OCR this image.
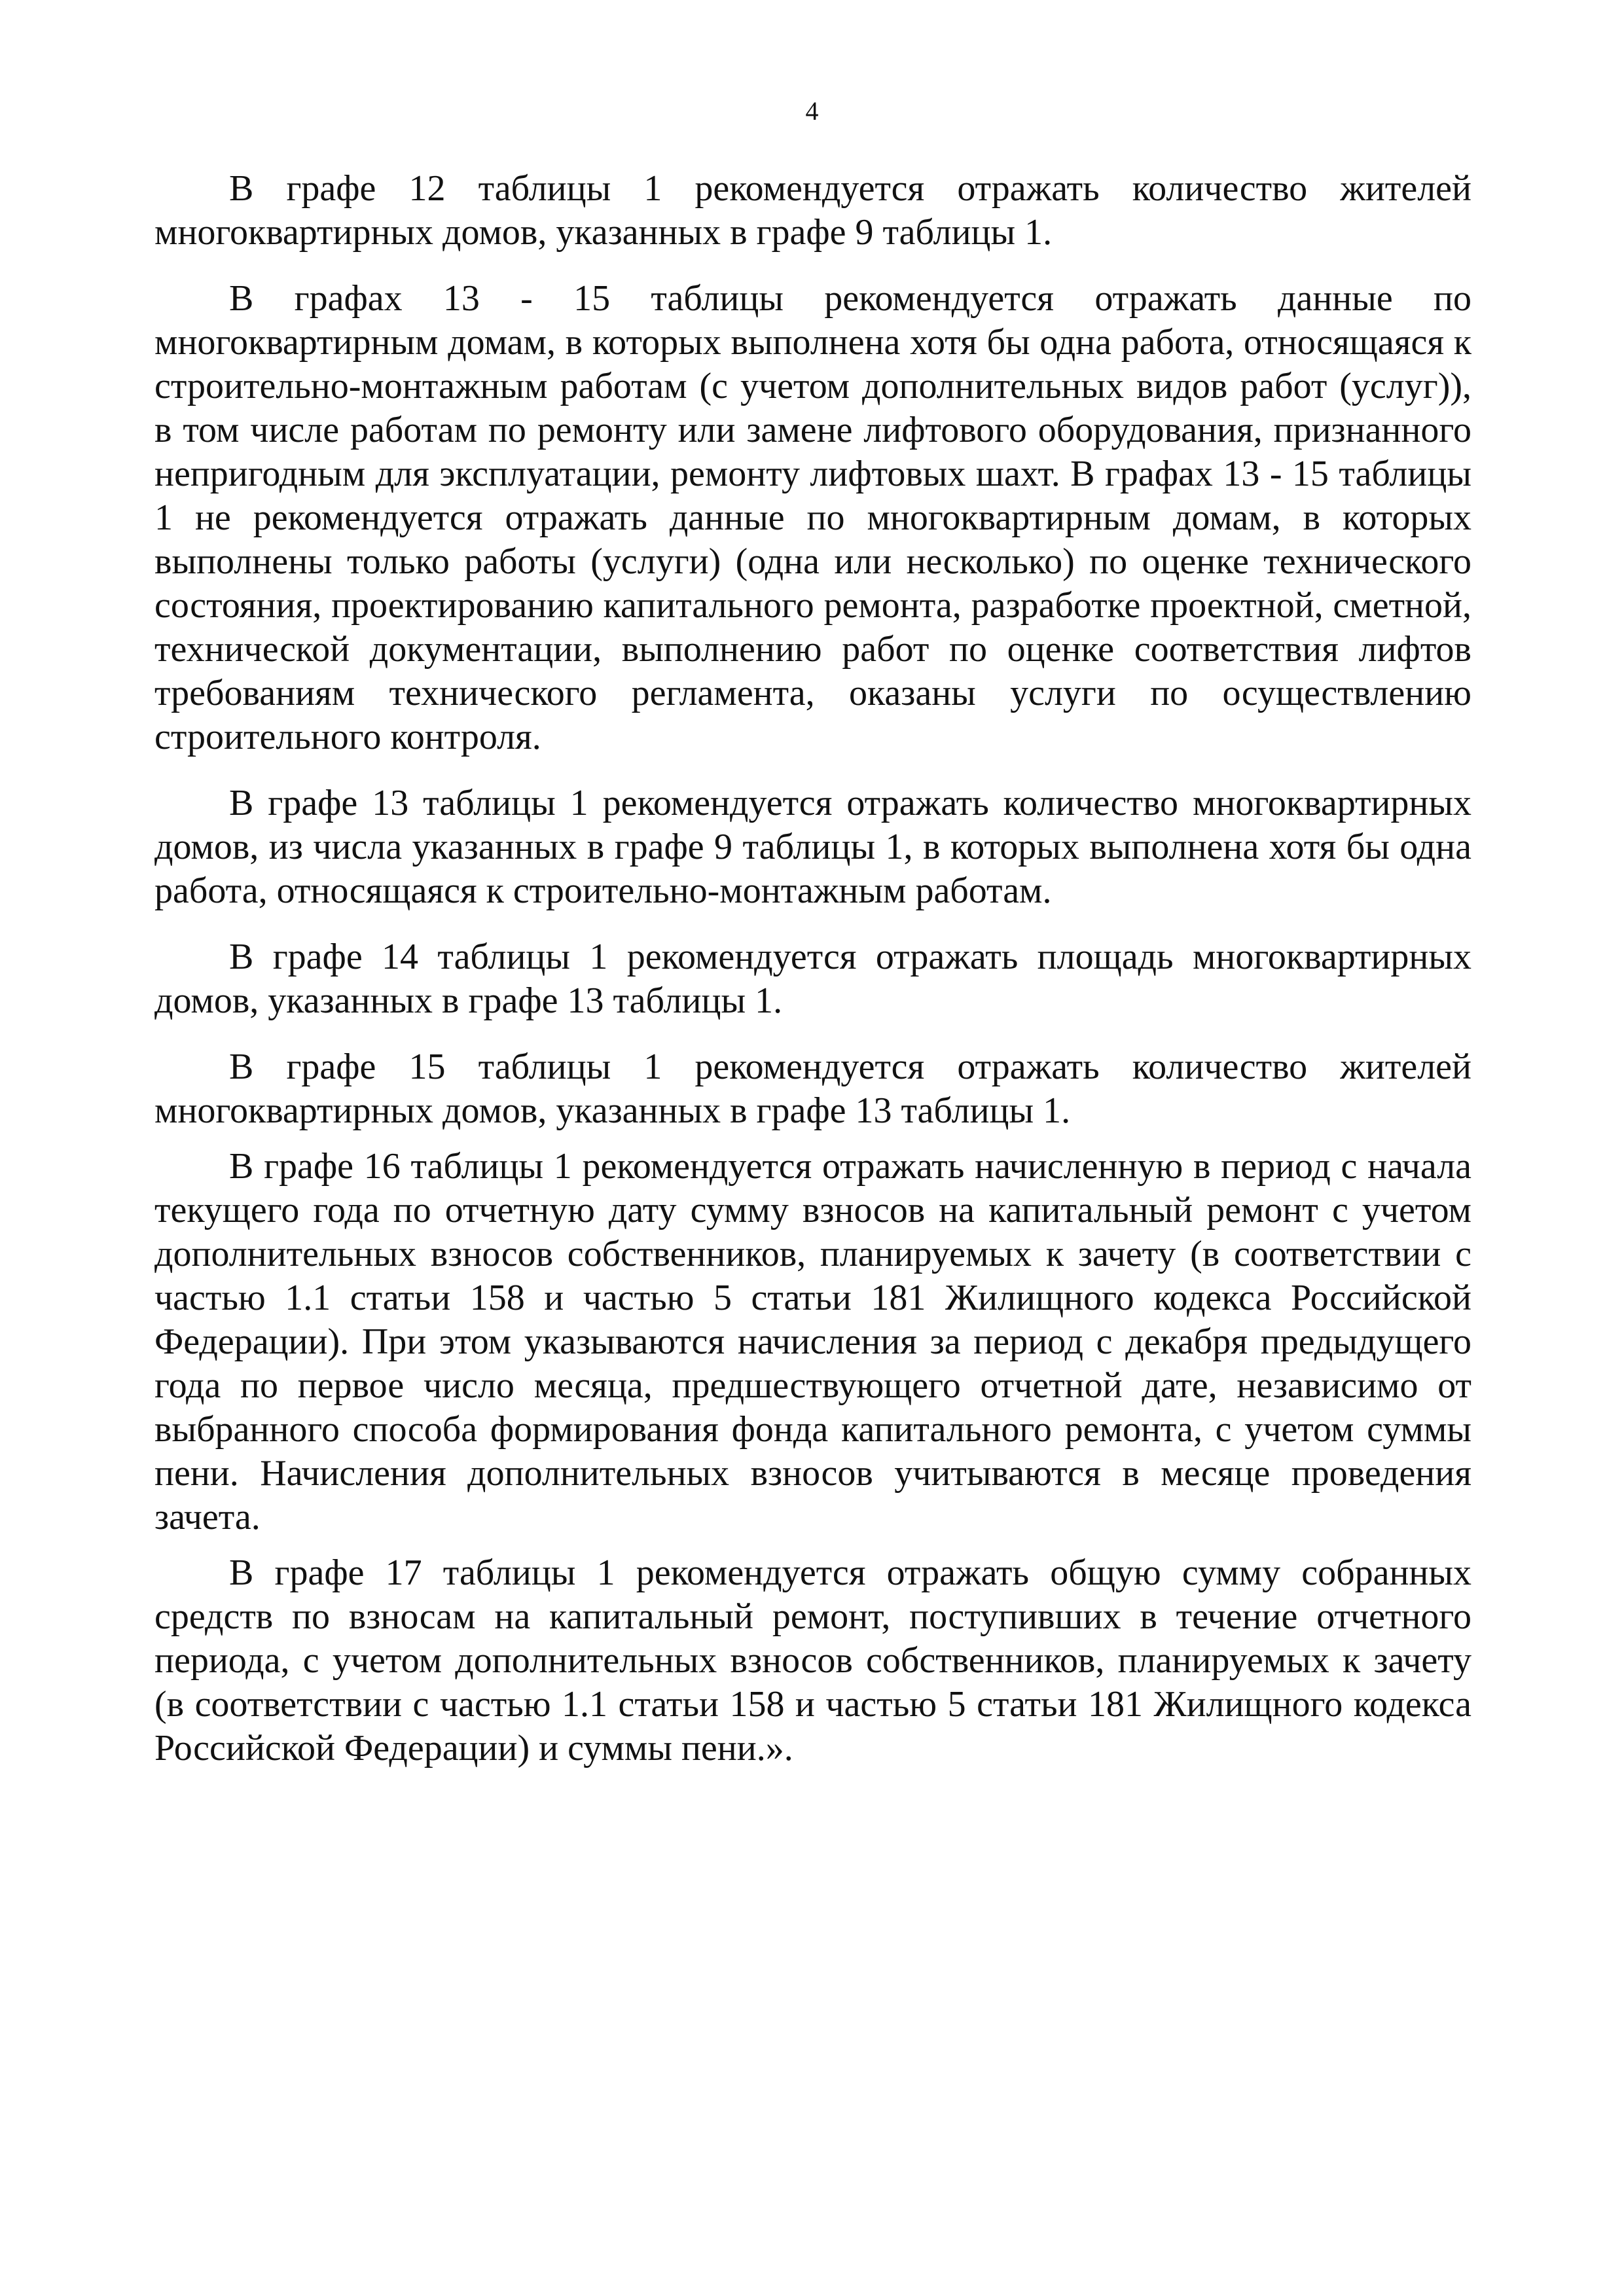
4

В графе 12 таблицы 1 рекомендуется отражать количество жителей многоквартирных домов, указанных в графе 9 таблицы 1.

В графах 13 - 15 таблицы рекомендуется отражать данные по многоквартирным домам, в которых выполнена хотя бы одна работа, относящаяся к строительно-монтажным работам (с учетом дополнительных видов работ (услуг)), в том числе работам по ремонту или замене лифтового оборудования, признанного непригодным для эксплуатации, ремонту лифтовых шахт. В графах 13 - 15 таблицы 1 не рекомендуется отражать данные по многоквартирным домам, в которых выполнены только работы (услуги) (одна или несколько) по оценке технического состояния, проектированию капитального ремонта, разработке проектной, сметной, технической документации, выполнению работ по оценке соответствия лифтов требованиям технического регламента, оказаны услуги по осуществлению строительного контроля.

В графе 13 таблицы 1 рекомендуется отражать количество многоквартирных домов, из числа указанных в графе 9 таблицы 1, в которых выполнена хотя бы одна работа, относящаяся к строительно-монтажным работам.

В графе 14 таблицы 1 рекомендуется отражать площадь многоквартирных домов, указанных в графе 13 таблицы 1.

В графе 15 таблицы 1 рекомендуется отражать количество жителей многоквартирных домов, указанных в графе 13 таблицы 1.

В графе 16 таблицы 1 рекомендуется отражать начисленную в период с начала текущего года по отчетную дату сумму взносов на капитальный ремонт с учетом дополнительных взносов собственников, планируемых к зачету (в соответствии с частью 1.1 статьи 158 и частью 5 статьи 181 Жилищного кодекса Российской Федерации). При этом указываются начисления за период с декабря предыдущего года по первое число месяца, предшествующего отчетной дате, независимо от выбранного способа формирования фонда капитального ремонта, с учетом суммы пени. Начисления дополнительных взносов учитываются в месяце проведения зачета.

В графе 17 таблицы 1 рекомендуется отражать общую сумму собранных средств по взносам на капитальный ремонт, поступивших в течение отчетного периода, с учетом дополнительных взносов собственников, планируемых к зачету (в соответствии с частью 1.1 статьи 158 и частью 5 статьи 181 Жилищного кодекса Российской Федерации) и суммы пени.».
